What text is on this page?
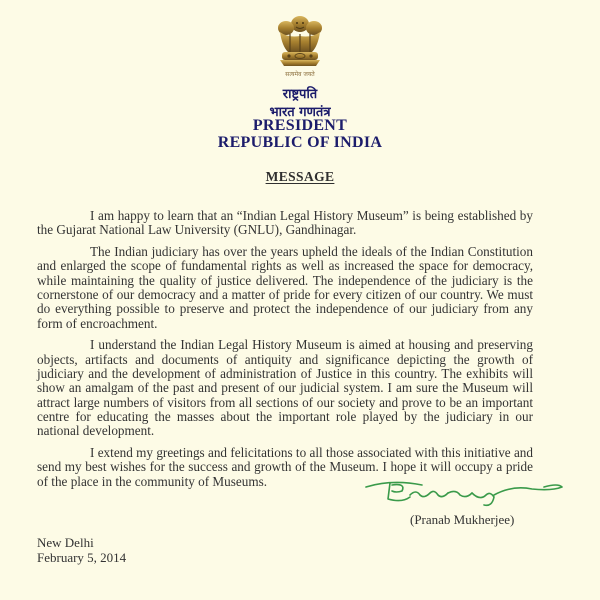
सत्यमेव जयते
राष्ट्रपति
भारत गणतंत्र
PRESIDENT
REPUBLIC OF INDIA
MESSAGE

I am happy to learn that an “Indian Legal History Museum” is being established by the Gujarat National Law University (GNLU), Gandhinagar.

The Indian judiciary has over the years upheld the ideals of the Indian Constitution and enlarged the scope of fundamental rights as well as increased the space for democracy, while maintaining the quality of justice delivered. The independence of the judiciary is the cornerstone of our democracy and a matter of pride for every citizen of our country. We must do everything possible to preserve and protect the independence of our judiciary from any form of encroachment.

I understand the Indian Legal History Museum is aimed at housing and preserving objects, artifacts and documents of antiquity and significance depicting the growth of judiciary and the development of administration of Justice in this country. The exhibits will show an amalgam of the past and present of our judicial system. I am sure the Museum will attract large numbers of visitors from all sections of our society and prove to be an important centre for educating the masses about the important role played by the judiciary in our national development.

I extend my greetings and felicitations to all those associated with this initiative and send my best wishes for the success and growth of the Museum. I hope it will occupy a pride of the place in the community of Museums.

(Pranab Mukherjee)
New Delhi
February 5, 2014
